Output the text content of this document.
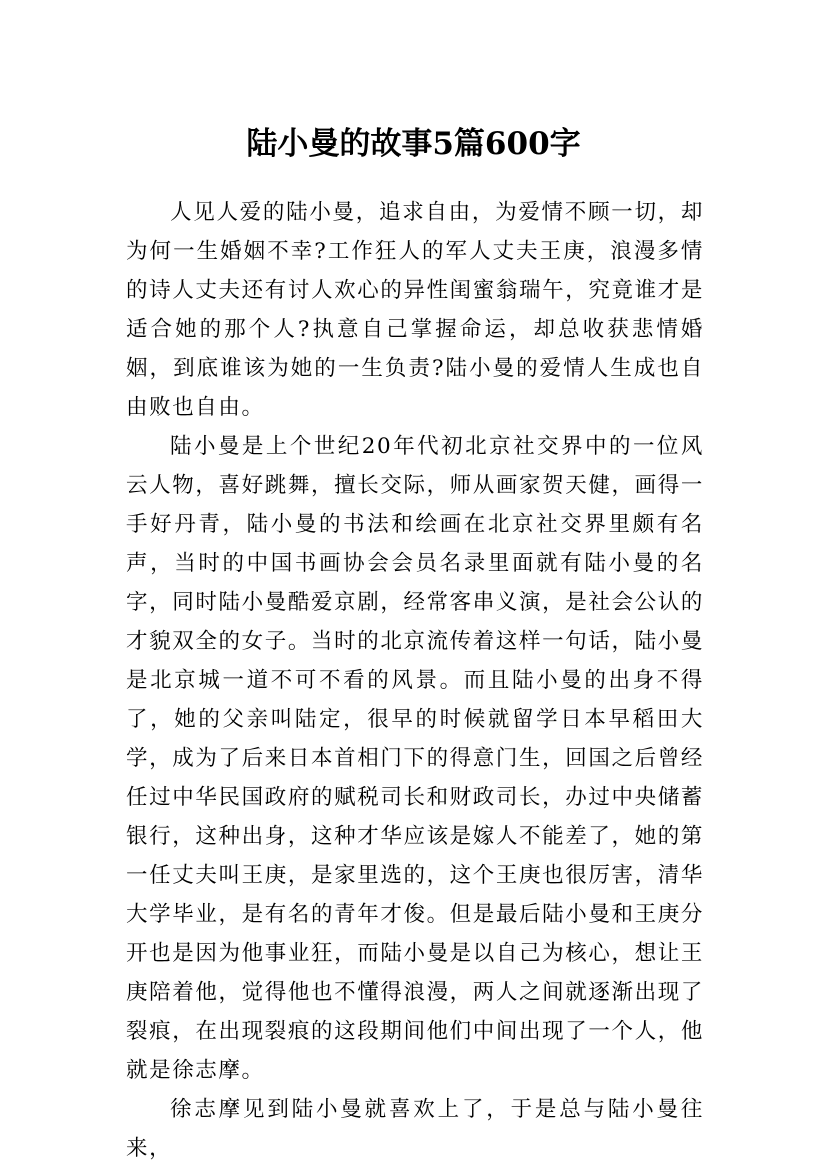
陆小曼的故事5篇600字

人见人爱的陆小曼，追求自由，为爱情不顾一切，却为何一生婚姻不幸?工作狂人的军人丈夫王庚，浪漫多情的诗人丈夫还有讨人欢心的异性闺蜜翁瑞午，究竟谁才是适合她的那个人?执意自己掌握命运，却总收获悲情婚姻，到底谁该为她的一生负责?陆小曼的爱情人生成也自由败也自由。

陆小曼是上个世纪20年代初北京社交界中的一位风云人物，喜好跳舞，擅长交际，师从画家贺天健，画得一手好丹青，陆小曼的书法和绘画在北京社交界里颇有名声，当时的中国书画协会会员名录里面就有陆小曼的名字，同时陆小曼酷爱京剧，经常客串义演，是社会公认的才貌双全的女子。当时的北京流传着这样一句话，陆小曼是北京城一道不可不看的风景。而且陆小曼的出身不得了，她的父亲叫陆定，很早的时候就留学日本早稻田大学，成为了后来日本首相门下的得意门生，回国之后曾经任过中华民国政府的赋税司长和财政司长，办过中央储蓄银行，这种出身，这种才华应该是嫁人不能差了，她的第一任丈夫叫王庚，是家里选的，这个王庚也很厉害，清华大学毕业，是有名的青年才俊。但是最后陆小曼和王庚分开也是因为他事业狂，而陆小曼是以自己为核心，想让王庚陪着他，觉得他也不懂得浪漫，两人之间就逐渐出现了裂痕，在出现裂痕的这段期间他们中间出现了一个人，他就是徐志摩。

徐志摩见到陆小曼就喜欢上了，于是总与陆小曼往来，
